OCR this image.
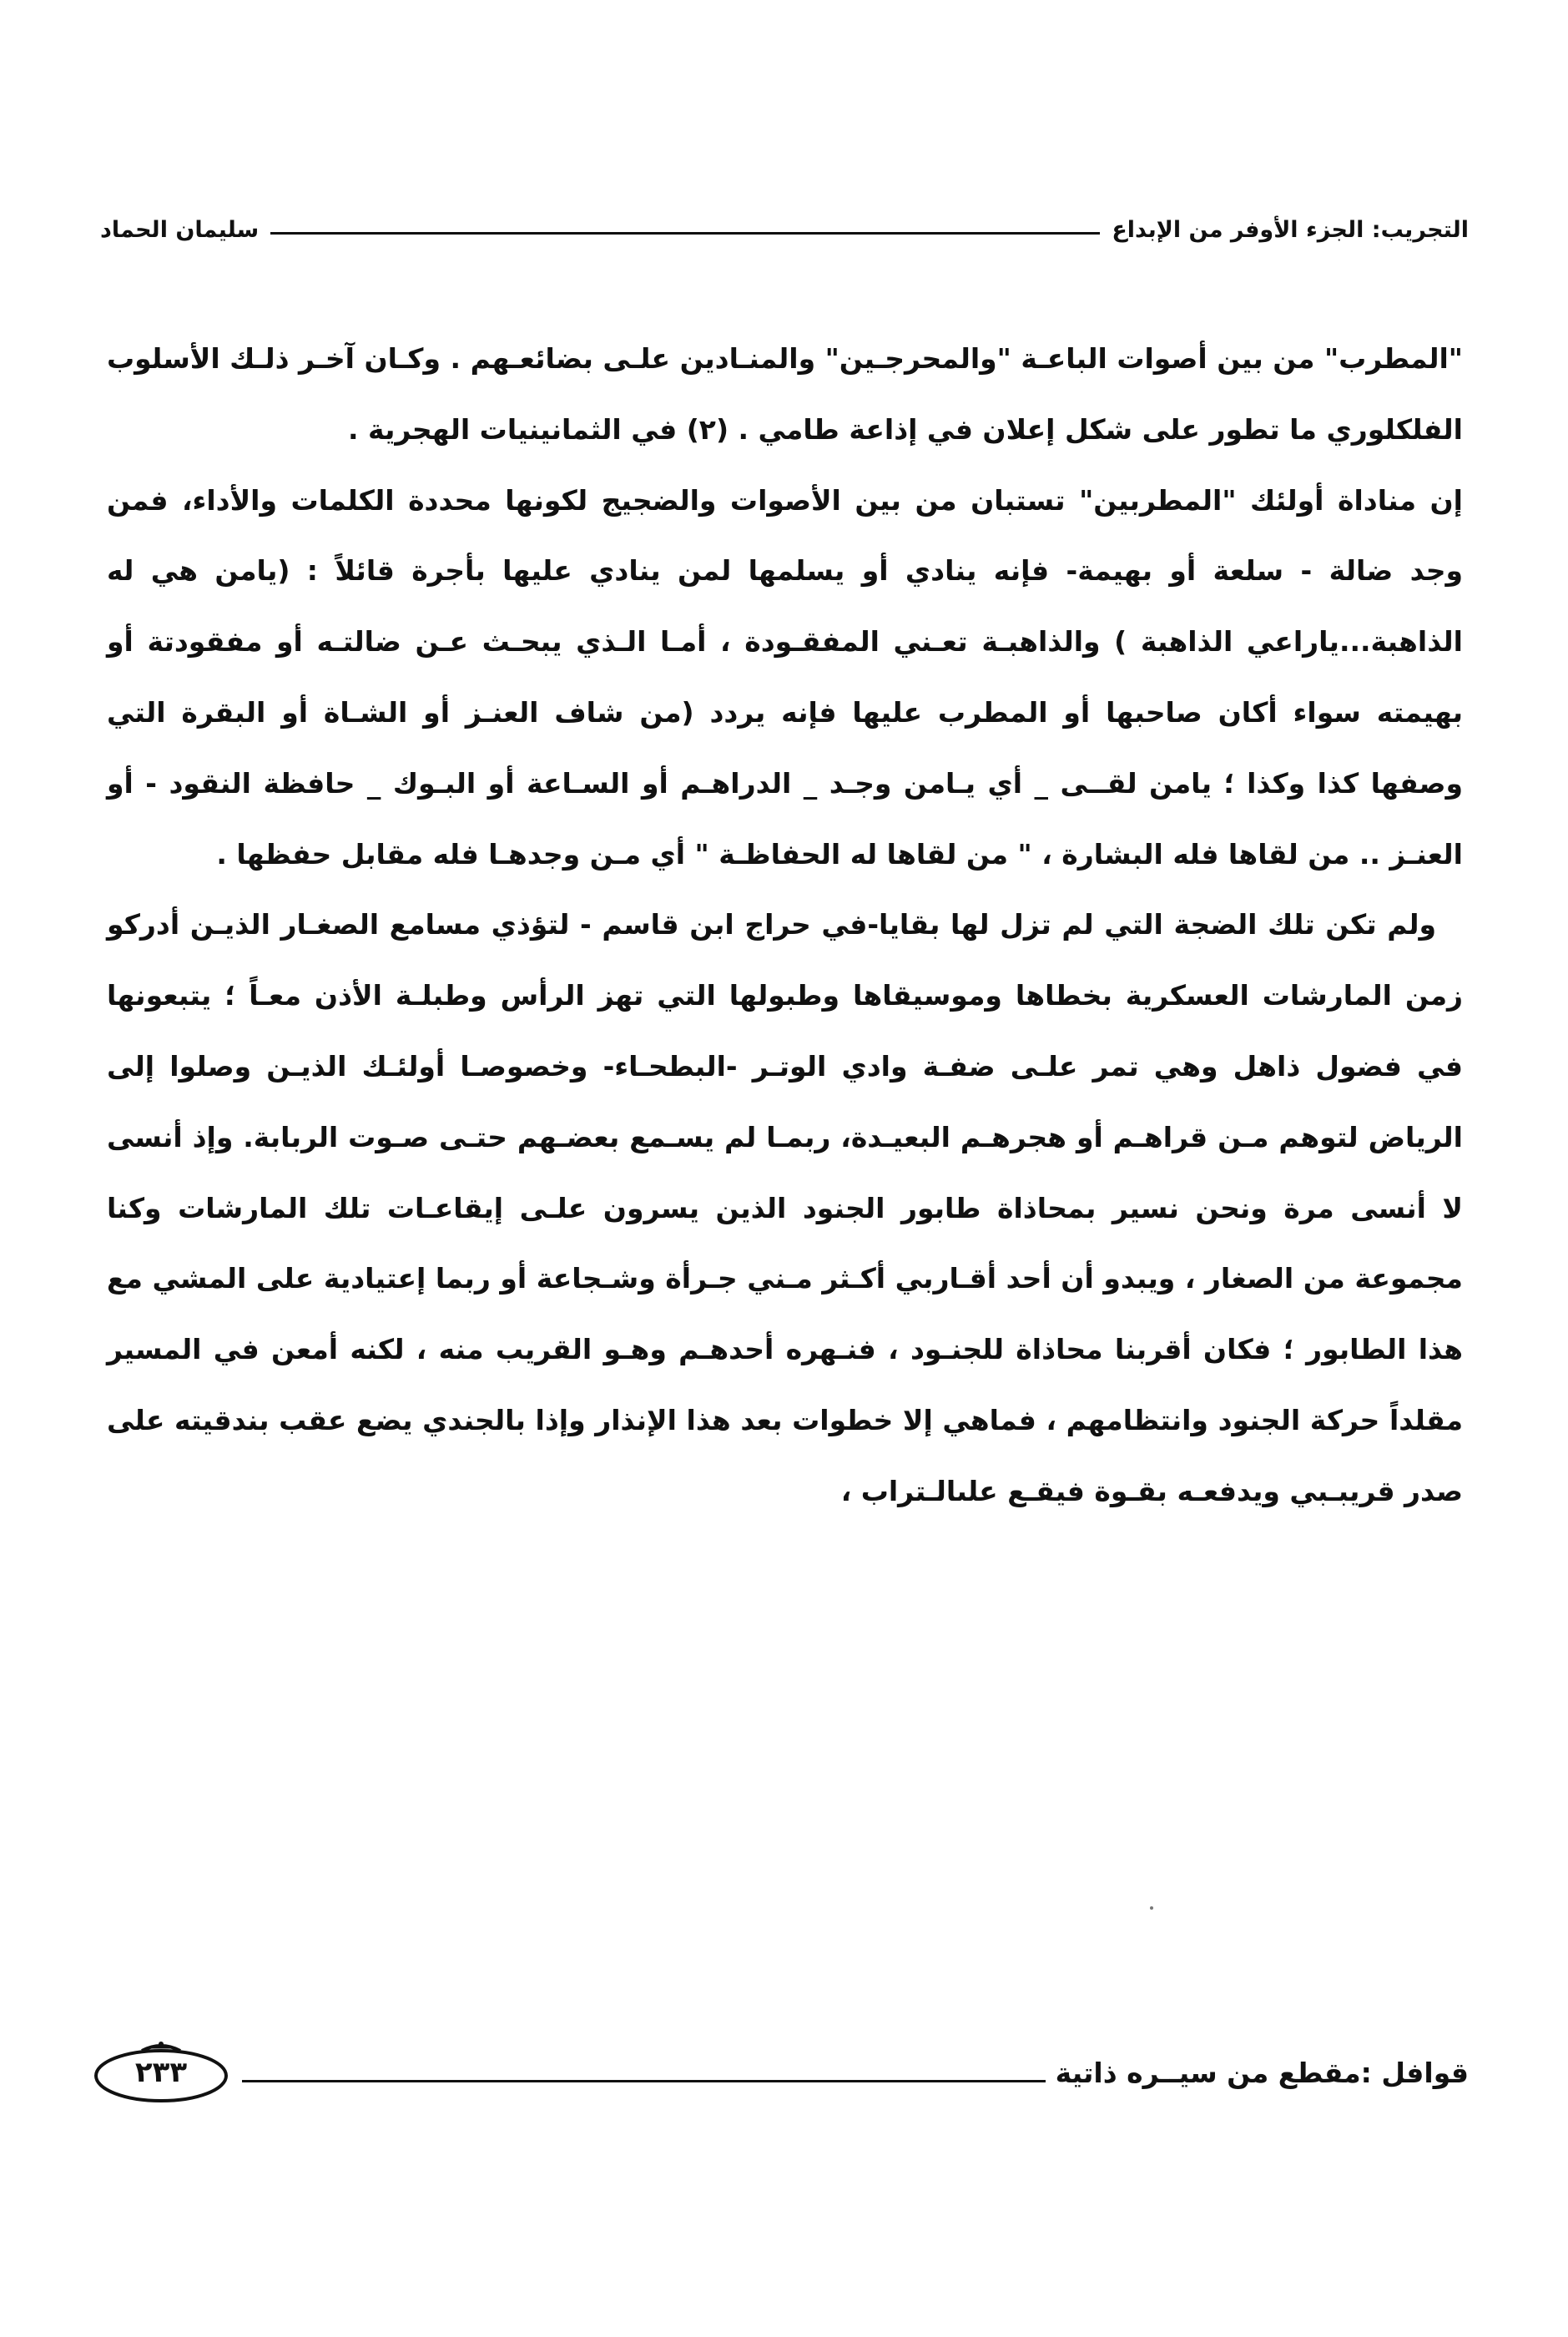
التجريب: الجزء الأوفر من الإبداع
سليمان الحماد

"المطرب" من بين أصوات الباعـة "والمحرجـين" والمنـادين علـى بضائعـهم . وكـان آخـر ذلـك الأسلوب الفلكلوري ما تطور على شكل إعلان في إذاعة طامي . (٢) في الثمانينيات الهجرية .

إن مناداة أولئك "المطربين" تستبان من بين الأصوات والضجيج لكونها محددة الكلمات والأداء، فمن وجد ضالة - سلعة أو بهيمة- فإنه ينادي أو يسلمها لمن ينادي عليها بأجرة قائلاً : (يامن هي له الذاهبة...ياراعي الذاهبة ) والذاهبـة تعـني المفقـودة ، أمـا الـذي يبحـث عـن ضالتـه أو مفقودتة أو بهيمته سواء أكان صاحبها أو المطرب عليها فإنه يردد (من شاف العنـز أو الشـاة أو البقرة التي وصفها كذا وكذا ؛ يامن لقــى _ أي يـامن وجـد _ الدراهـم أو السـاعة أو البـوك _ حافظة النقود - أو العنـز .. من لقاها فله البشارة ، " من لقاها له الحفاظـة " أي مـن وجدهـا فله مقابل حفظها .

ولم تكن تلك الضجة التي لم تزل لها بقايا-في حراج ابن قاسم - لتؤذي مسامع الصغـار الذيـن أدركو زمن المارشات العسكرية بخطاها وموسيقاها وطبولها التي تهز الرأس وطبلـة الأذن معـاً ؛ يتبعونها في فضول ذاهل وهي تمر علـى ضفـة وادي الوتـر -البطحـاء- وخصوصـا أولئـك الذيـن وصلوا إلى الرياض لتوهم مـن قراهـم أو هجرهـم البعيـدة، ربمـا لم يسـمع بعضـهم حتـى صـوت الربابة. وإذ أنسى لا أنسى مرة ونحن نسير بمحاذاة طابور الجنود الذين يسرون علـى إيقاعـات تلك المارشات وكنا مجموعة من الصغار ، ويبدو أن أحد أقـاربي أكـثر مـني جـرأة وشـجاعة أو ربما إعتيادية على المشي مع هذا الطابور ؛ فكان أقربنا محاذاة للجنـود ، فنـهره أحدهـم وهـو القريب منه ، لكنه أمعن في المسير مقلداً حركة الجنود وانتظامهم ، فماهي إلا خطوات بعد هذا الإنذار وإذا بالجندي يضع عقب بندقيته على صدر قريبـبي ويدفعـه بقـوة فيقـع علىالـتراب ،

قوافل :مقطع من سيــره ذاتية
٢٣٣
